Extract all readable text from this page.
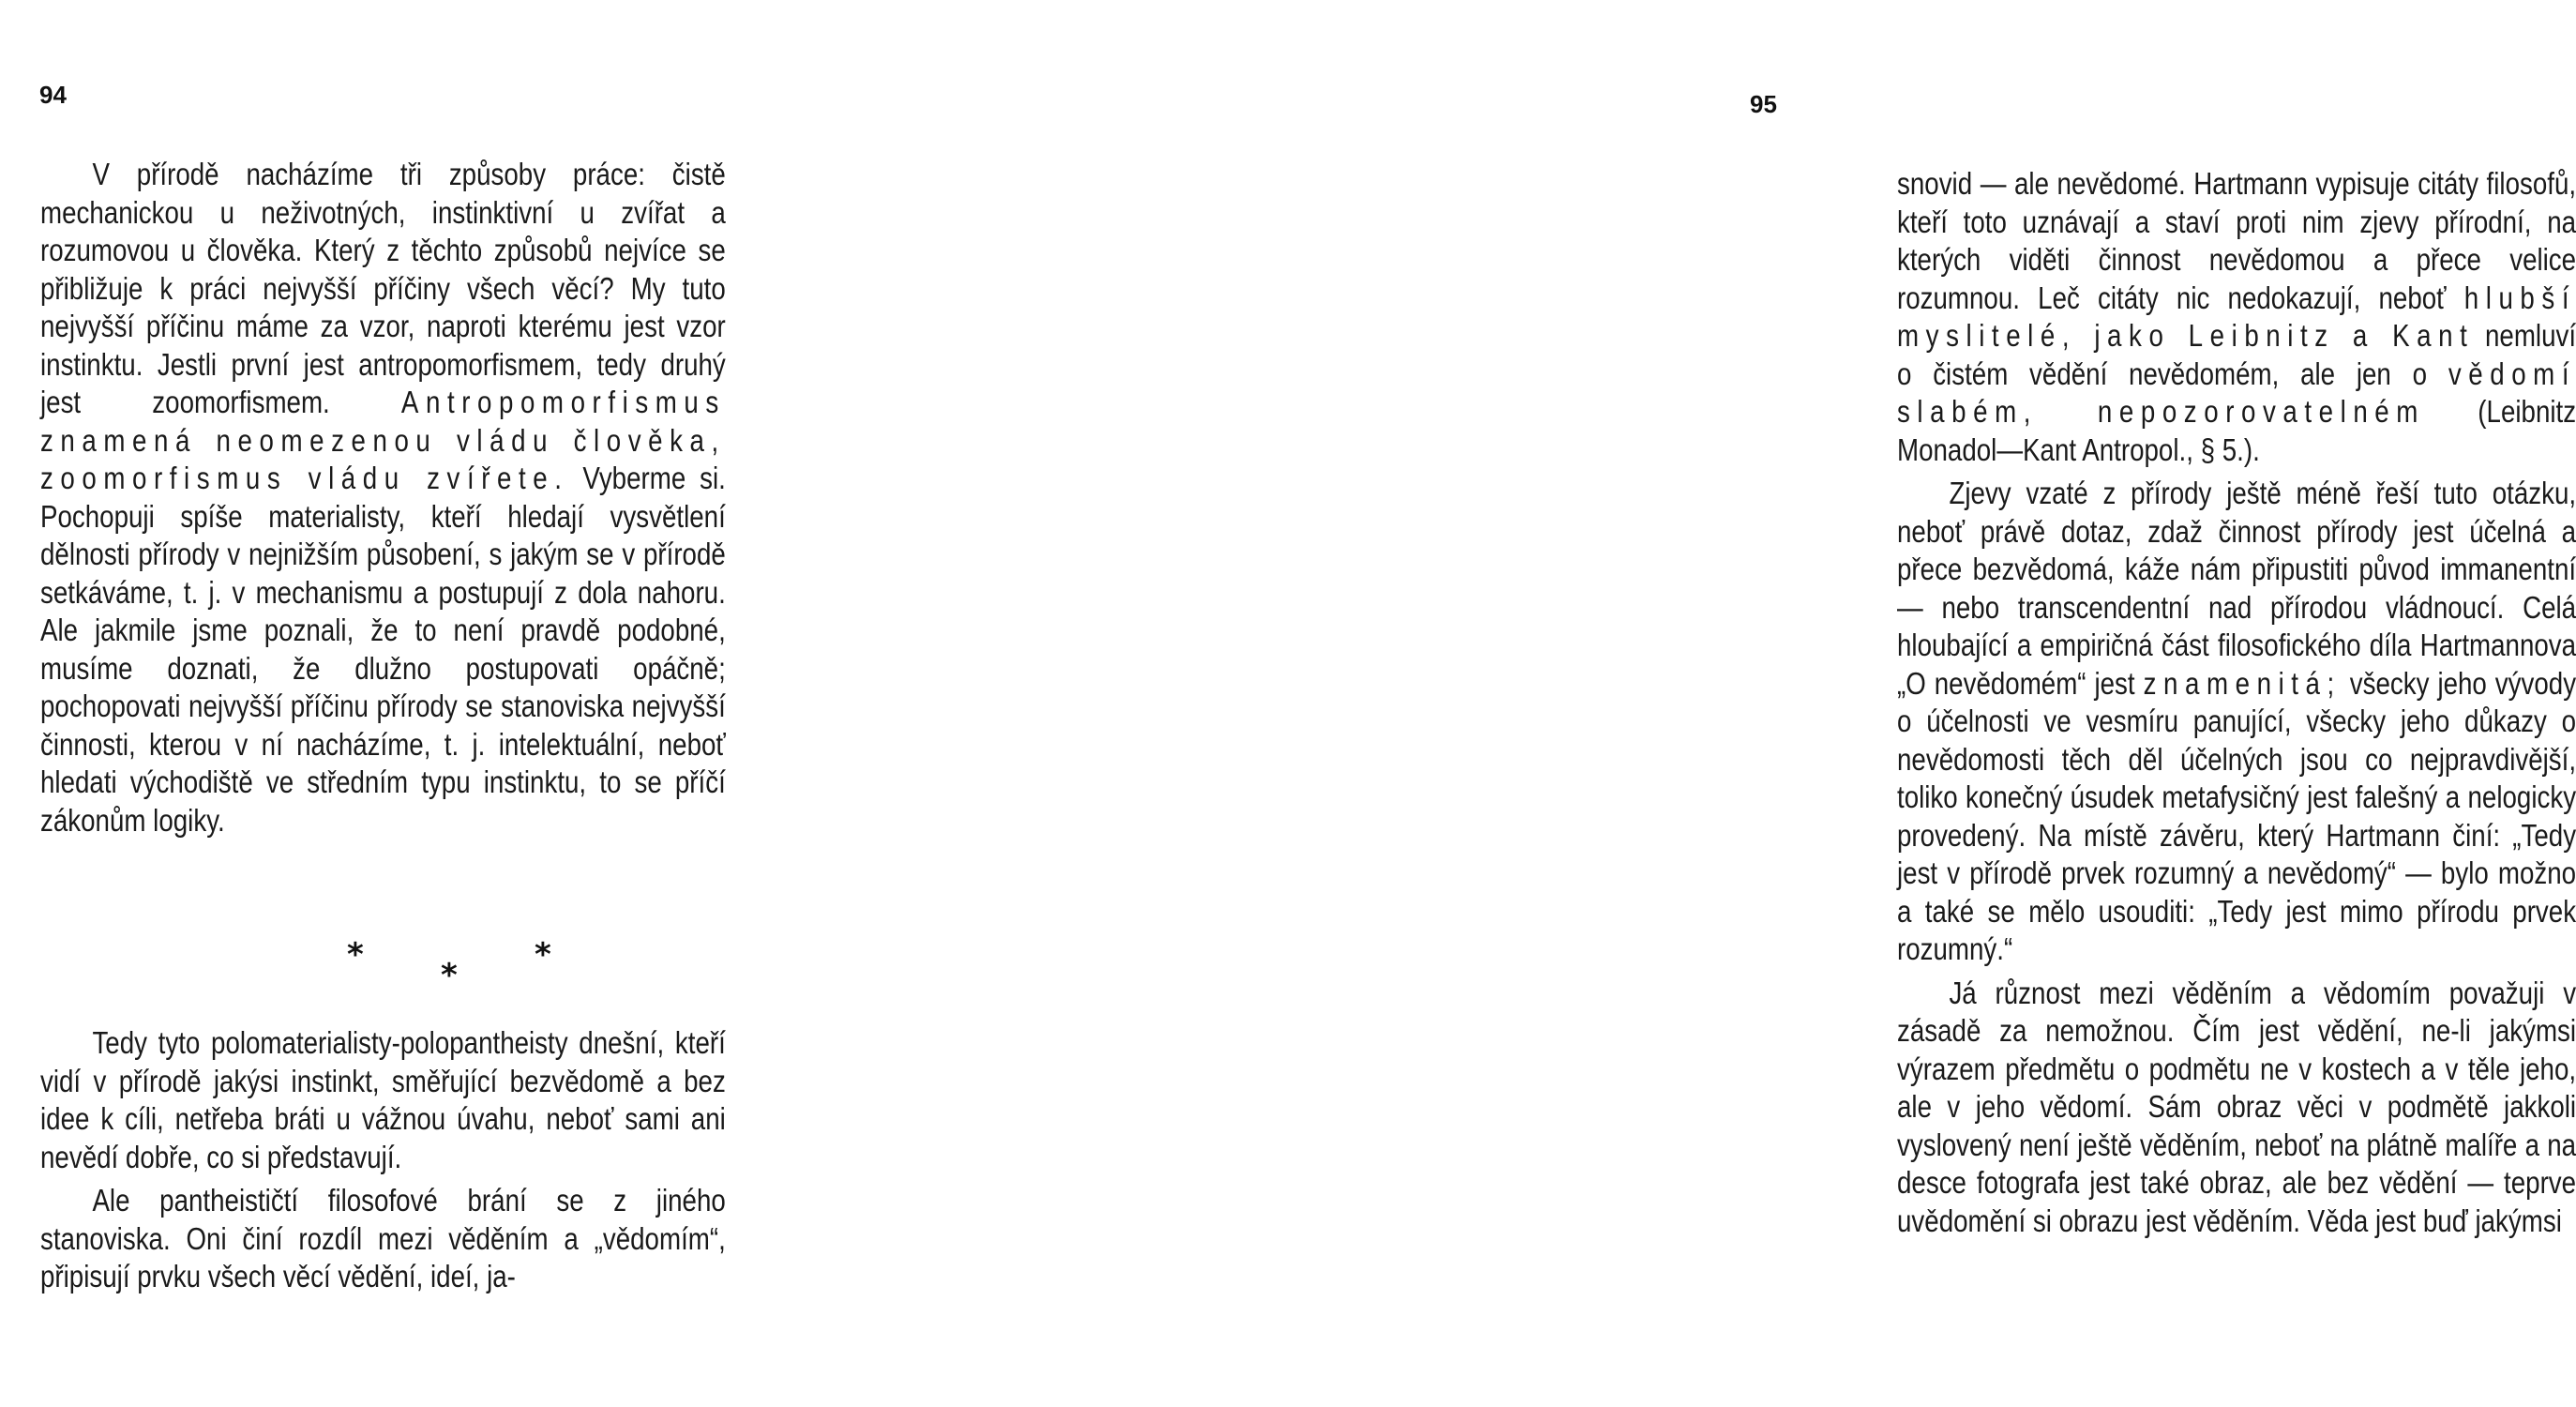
94

V přírodě nacházíme tři způsoby práce: čistě mechanickou u neživotných, instinktivní u zvířat a rozumovou u člověka. Který z těchto způsobů nejvíce se přibližuje k práci nejvyšší příčiny všech věcí? My tuto nejvyšší příčinu máme za vzor, naproti kterému jest vzor instinktu. Jestli první jest antropomorfismem, tedy druhý jest zoomorfismem. Antropomorfismus znamená neomezenou vládu člověka, zoomorfismus vládu zvířete. Vyberme si. Pochopuji spíše materialisty, kteří hledají vysvětlení dělnosti přírody v nejnižším působení, s jakým se v přírodě setkáváme, t. j. v mechanismu a postupují z dola nahoru. Ale jakmile jsme poznali, že to není pravdě podobné, musíme doznati, že dlužno postupovati opáčně; pochopovati nejvyšší příčinu přírody se stanoviska nejvyšší činnosti, kterou v ní nacházíme, t. j. intelektuální, neboť hledati východiště ve středním typu instinktu, to se příčí zákonům logiky.

*	*
*

Tedy tyto polomaterialisty-polopantheisty dnešní, kteří vidí v přírodě jakýsi instinkt, směřující bezvědomě a bez idee k cíli, netřeba bráti u vážnou úvahu, neboť sami ani nevědí dobře, co si představují.

Ale pantheističtí filosofové brání se z jiného stanoviska. Oni činí rozdíl mezi věděním a „vědomím“, připisují prvku všech věcí vědění, ideí, ja-

95

snovid — ale nevědomé. Hartmann vypisuje citáty filosofů, kteří toto uznávají a staví proti nim zjevy přírodní, na kterých viděti činnost nevědomou a přece velice rozumnou. Leč citáty nic nedokazují, neboť hlubší myslitelé, jako Leibnitz a Kant nemluví o čistém vědění nevědomém, ale jen o vědomí slabém, nepozorovatelném (Leibnitz Monadol—Kant Antropol., § 5.).

Zjevy vzaté z přírody ještě méně řeší tuto otázku, neboť právě dotaz, zdaž činnost přírody jest účelná a přece bezvědomá, káže nám připustiti původ immanentní — nebo transcendentní nad přírodou vládnoucí. Celá hloubající a empiričná část filosofického díla Hartmannova „O nevědomém“ jest znamenitá; všecky jeho vývody o účelnosti ve vesmíru panující, všecky jeho důkazy o nevědomosti těch děl účelných jsou co nejpravdivější, toliko konečný úsudek metafysičný jest falešný a nelogicky provedený. Na místě závěru, který Hartmann činí: „Tedy jest v přírodě prvek rozumný a nevědomý“ — bylo možno a také se mělo usouditi: „Tedy jest mimo přírodu prvek rozumný.“

Já různost mezi věděním a vědomím považuji v zásadě za nemožnou. Čím jest vědění, ne-li jakýmsi výrazem předmětu o podmětu ne v kostech a v těle jeho, ale v jeho vědomí. Sám obraz věci v podmětě jakkoli vyslovený není ještě věděním, neboť na plátně malíře a na desce fotografa jest také obraz, ale bez vědění — teprve uvědomění si obrazu jest věděním. Věda jest buď jakýmsi
